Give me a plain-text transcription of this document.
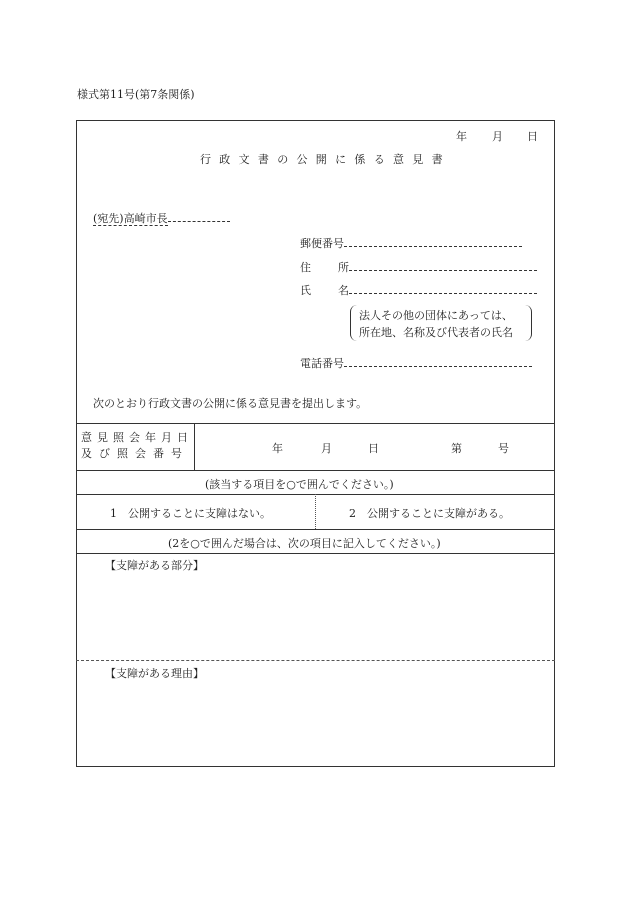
様式第11号(第7条関係)
年 月 日
行政文書の公開に係る意見書
(宛先)高崎市長
郵便番号
住 所
氏 名
法人その他の団体にあっては、
所在地、名称及び代表者の氏名
電話番号
次のとおり行政文書の公開に係る意見書を提出します。
意見照会年月日
及び照会番号	年	月	日	第	号
(該当する項目を○で囲んでください。)
1　公開することに支障はない。	2　公開することに支障がある。
(2を○で囲んだ場合は、次の項目に記入してください。)
【支障がある部分】
【支障がある理由】
